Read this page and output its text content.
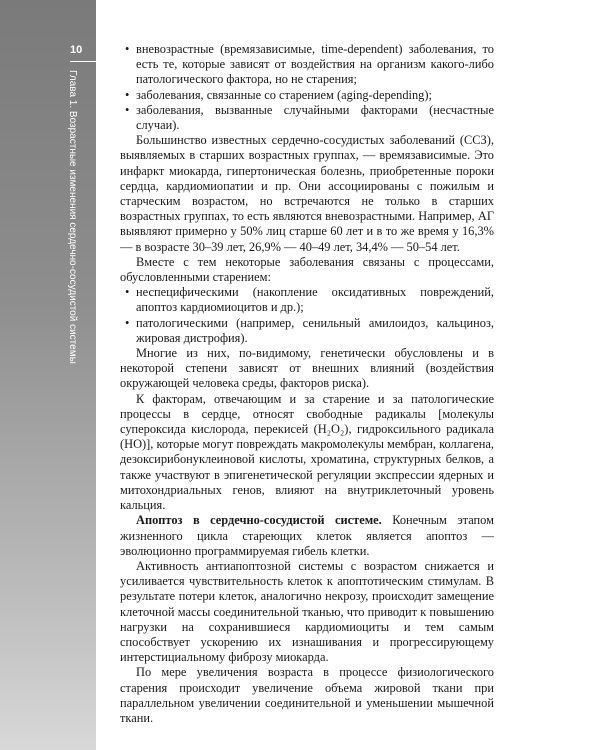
10
Глава 1. Возрастные изменения сердечно-сосудистой системы
• вневозрастные (времязависимые, time-dependent) заболевания, то есть те, которые зависят от воздействия на организм какого-либо патологического фактора, но не старения;
• заболевания, связанные со старением (aging-depending);
• заболевания, вызванные случайными факторами (несчастные случаи).

Большинство известных сердечно-сосудистых заболеваний (ССЗ), выявляемых в старших возрастных группах, — времязависимые. Это инфаркт миокарда, гипертоническая болезнь, приобретенные пороки сердца, кардиомиопатии и пр. Они ассоциированы с пожилым и старческим возрастом, но встречаются не только в старших возрастных группах, то есть являются вневозрастными. Например, АГ выявляют примерно у 50% лиц старше 60 лет и в то же время у 16,3% — в возрасте 30–39 лет, 26,9% — 40–49 лет, 34,4% — 50–54 лет.

Вместе с тем некоторые заболевания связаны с процессами, обусловленными старением:

• неспецифическими (накопление оксидативных повреждений, апоптоз кардиомиоцитов и др.);
• патологическими (например, сенильный амилоидоз, кальциноз, жировая дистрофия).

Многие из них, по-видимому, генетически обусловлены и в некоторой степени зависят от внешних влияний (воздействия окружающей человека среды, факторов риска).

К факторам, отвечающим и за старение и за патологические процессы в сердце, относят свободные радикалы [молекулы супероксида кислорода, перекисей (H₂O₂), гидроксильного радикала (HO)], которые могут повреждать макромолекулы мембран, коллагена, дезоксирибонуклеиновой кислоты, хроматина, структурных белков, а также участвуют в эпигенетической регуляции экспрессии ядерных и митохондриальных генов, влияют на внутриклеточный уровень кальция.

Апоптоз в сердечно-сосудистой системе. Конечным этапом жизненного цикла стареющих клеток является апоптоз — эволюционно программируемая гибель клетки.

Активность антиапоптозной системы с возрастом снижается и усиливается чувствительность клеток к апоптотическим стимулам. В результате потери клеток, аналогично некрозу, происходит замещение клеточной массы соединительной тканью, что приводит к повышению нагрузки на сохранившиеся кардиомиоциты и тем самым способствует ускорению их изнашивания и прогрессирующему интерстициальному фиброзу миокарда.

По мере увеличения возраста в процессе физиологического старения происходит увеличение объема жировой ткани при параллельном увеличении соединительной и уменьшении мышечной ткани.
